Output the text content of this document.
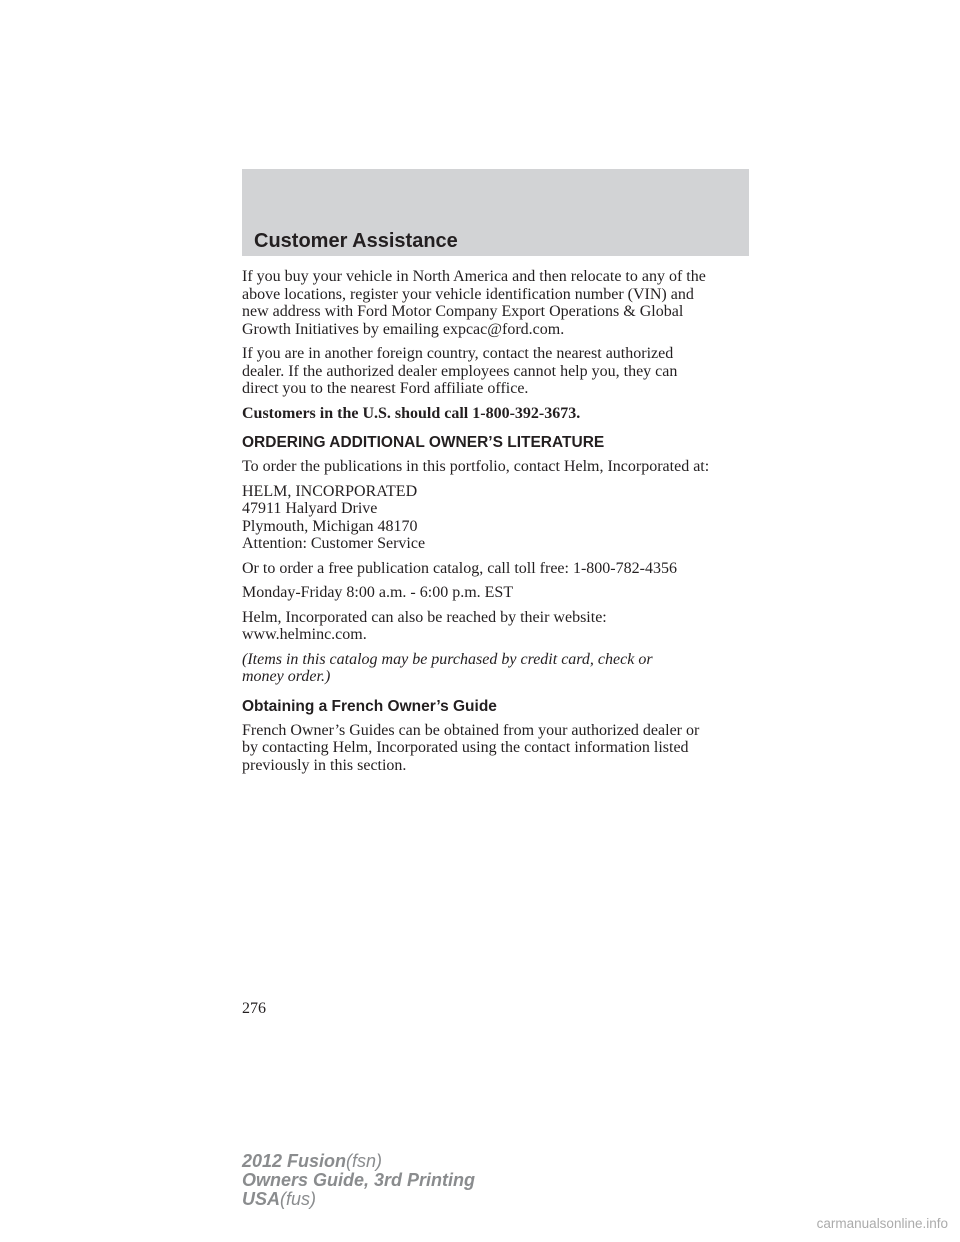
Customer Assistance

If you buy your vehicle in North America and then relocate to any of the
above locations, register your vehicle identification number (VIN) and
new address with Ford Motor Company Export Operations & Global
Growth Initiatives by emailing expcac@ford.com.

If you are in another foreign country, contact the nearest authorized
dealer. If the authorized dealer employees cannot help you, they can
direct you to the nearest Ford affiliate office.

Customers in the U.S. should call 1-800-392-3673.

ORDERING ADDITIONAL OWNER’S LITERATURE

To order the publications in this portfolio, contact Helm, Incorporated at:

HELM, INCORPORATED
47911 Halyard Drive
Plymouth, Michigan 48170
Attention: Customer Service

Or to order a free publication catalog, call toll free: 1-800-782-4356

Monday-Friday 8:00 a.m. - 6:00 p.m. EST

Helm, Incorporated can also be reached by their website:
www.helminc.com.

(Items in this catalog may be purchased by credit card, check or
money order.)

Obtaining a French Owner’s Guide

French Owner’s Guides can be obtained from your authorized dealer or
by contacting Helm, Incorporated using the contact information listed
previously in this section.

276
2012 Fusion(fsn)
Owners Guide, 3rd Printing
USA(fus)
carmanualsonline.info
